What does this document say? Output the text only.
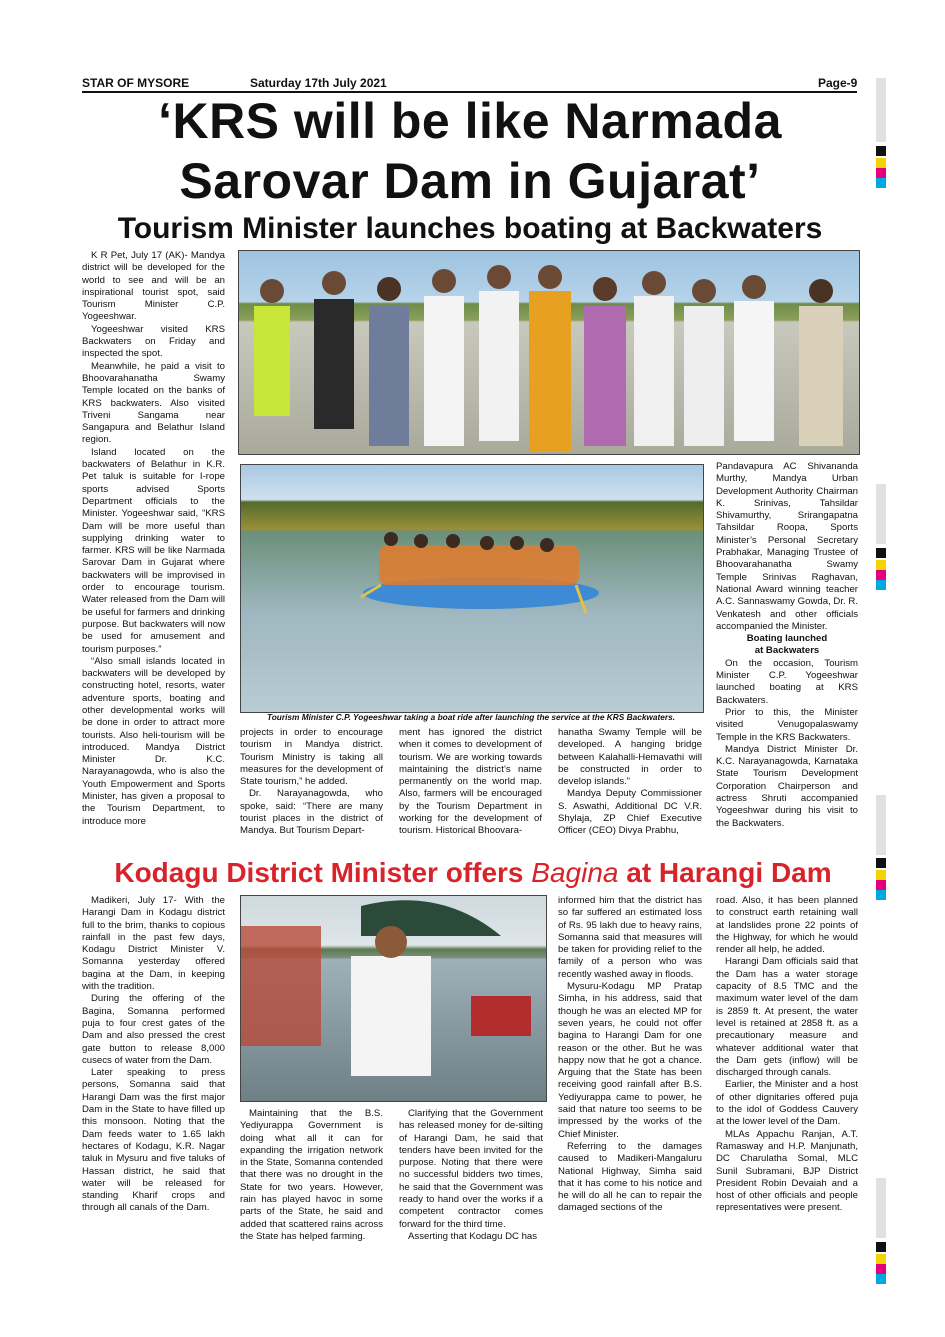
STAR OF MYSORE	Saturday 17th July 2021	Page-9
‘KRS will be like Narmada
Sarovar Dam in Gujarat’
Tourism Minister launches boating at Backwaters

K R Pet, July 17 (AK)- Mandya district will be developed for the world to see and will be an inspirational tourist spot, said Tourism Minister C.P. Yogeeshwar.

Yogeeshwar visited KRS Backwaters on Friday and inspected the spot.

Meanwhile, he paid a visit to Bhoovarahanatha Swamy Temple located on the banks of KRS backwaters. Also visited Triveni Sangama near Sangapura and Belathur Island region.

Island located on the backwaters of Belathur in K.R. Pet taluk is suitable for I-rope sports advised Sports Department officials to the Minister. Yogeeshwar said, “KRS Dam will be more useful than supplying drinking water to farmer. KRS will be like Narmada Sarovar Dam in Gujarat where backwaters will be improvised in order to encourage tourism. Water released from the Dam will be useful for farmers and drinking purpose. But backwaters will now be used for amusement and tourism purposes.”

“Also small islands located in backwaters will be developed by constructing hotel, resorts, water adventure sports, boating and other developmental works will be done in order to attract more tourists. Also heli-tourism will be introduced. Mandya District Minister Dr. K.C. Narayanagowda, who is also the Youth Empowerment and Sports Minister, has given a proposal to the Tourism Department, to introduce more

Tourism Minister C.P. Yogeeshwar taking a boat ride after launching the service at the KRS Backwaters.

projects in order to encourage tourism in Mandya district. Tourism Ministry is taking all measures for the development of State tourism,” he added.

Dr. Narayanagowda, who spoke, said: “There are many tourist places in the district of Mandya. But Tourism Depart-

ment has ignored the district when it comes to development of tourism. We are working towards maintaining the district’s name permanently on the world map. Also, farmers will be encouraged by the Tourism Department in working for the development of tourism. Historical Bhoovara-

hanatha Swamy Temple will be developed. A hanging bridge between Kalahalli-Hemavathi will be constructed in order to develop islands.”

Mandya Deputy Commissioner S. Aswathi, Additional DC V.R. Shylaja, ZP Chief Executive Officer (CEO) Divya Prabhu,

Pandavapura AC Shivananda Murthy, Mandya Urban Development Authority Chairman K. Srinivas, Tahsildar Shivamurthy, Srirangapatna Tahsildar Roopa, Sports Minister’s Personal Secretary Prabhakar, Managing Trustee of Bhoovarahanatha Swamy Temple Srinivas Raghavan, National Award winning teacher A.C. Sannaswamy Gowda, Dr. R. Venkatesh and other officials accompanied the Minister.

Boating launched

at Backwaters

On the occasion, Tourism Minister C.P. Yogeeshwar launched boating at KRS Backwaters.

Prior to this, the Minister visited Venugopalaswamy Temple in the KRS Backwaters.

Mandya District Minister Dr. K.C. Narayanagowda, Karnataka State Tourism Development Corporation Chairperson and actress Shruti accompanied Yogeeshwar during his visit to the Backwaters.

Kodagu District Minister offers Bagina at Harangi Dam

Madikeri, July 17- With the Harangi Dam in Kodagu district full to the brim, thanks to copious rainfall in the past few days, Kodagu District Minister V. Somanna yesterday offered bagina at the Dam, in keeping with the tradition.

During the offering of the Bagina, Somanna performed puja to four crest gates of the Dam and also pressed the crest gate button to release 8,000 cusecs of water from the Dam.

Later speaking to press persons, Somanna said that Harangi Dam was the first major Dam in the State to have filled up this monsoon. Noting that the Dam feeds water to 1.65 lakh hectares of Kodagu, K.R. Nagar taluk in Mysuru and five taluks of Hassan district, he said that water will be released for standing Kharif crops and through all canals of the Dam.

Maintaining that the B.S. Yediyurappa Government is doing what all it can for expanding the irrigation network in the State, Somanna contended that there was no drought in the State for two years. However, rain has played havoc in some parts of the State, he said and added that scattered rains across the State has helped farming.

Clarifying that the Government has released money for de-silting of Harangi Dam, he said that tenders have been invited for the purpose. Noting that there were no successful bidders two times, he said that the Government was ready to hand over the works if a competent contractor comes forward for the third time.

Asserting that Kodagu DC has

informed him that the district has so far suffered an estimated loss of Rs. 95 lakh due to heavy rains, Somanna said that measures will be taken for providing relief to the family of a person who was recently washed away in floods.

Mysuru-Kodagu MP Pratap Simha, in his address, said that though he was an elected MP for seven years, he could not offer bagina to Harangi Dam for one reason or the other. But he was happy now that he got a chance. Arguing that the State has been receiving good rainfall after B.S. Yediyurappa came to power, he said that nature too seems to be impressed by the works of the Chief Minister.

Referring to the damages caused to Madikeri-Mangaluru National Highway, Simha said that it has come to his notice and he will do all he can to repair the damaged sections of the

road. Also, it has been planned to construct earth retaining wall at landslides prone 22 points of the Highway, for which he would render all help, he added.

Harangi Dam officials said that the Dam has a water storage capacity of 8.5 TMC and the maximum water level of the dam is 2859 ft. At present, the water level is retained at 2858 ft. as a precautionary measure and whatever additional water that the Dam gets (inflow) will be discharged through canals.

Earlier, the Minister and a host of other dignitaries offered puja to the idol of Goddess Cauvery at the lower level of the Dam.

MLAs Appachu Ranjan, A.T. Ramasway and H.P. Manjunath, DC Charulatha Somal, MLC Sunil Subramani, BJP District President Robin Devaiah and a host of other officials and people representatives were present.
